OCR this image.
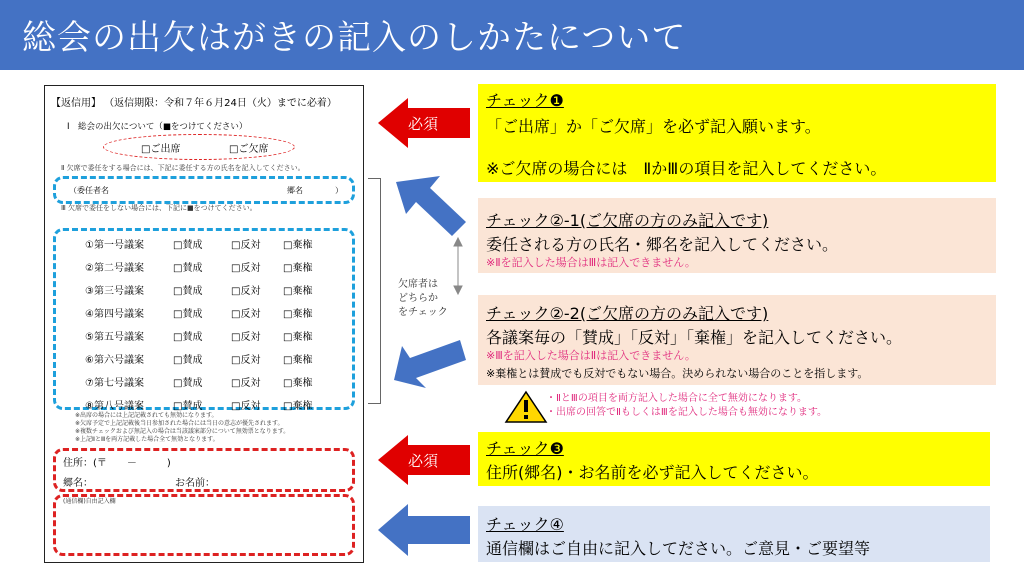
総会の出欠はがきの記入のしかたについて
【返信用】 （返信期限：令和７年６月24日（火）までに必着）
Ⅰ　総会の出欠について（■をつけてください）
□ご出席	□ご欠席
Ⅱ 欠席で委任をする場合には、下記に委任する方の氏名を記入してください。
（委任者名	郷名　　　　）
Ⅲ 欠席で委任をしない場合には、下記に■をつけてください。
①第一号議案	□賛成	□反対 □棄権
②第二号議案	□賛成	□反対 □棄権
③第三号議案	□賛成	□反対 □棄権
④第四号議案	□賛成	□反対 □棄権
⑤第五号議案	□賛成	□反対 □棄権
⑥第六号議案	□賛成	□反対 □棄権
⑦第七号議案	□賛成	□反対 □棄権
⑧第八号議案	□賛成	□反対 □棄権
※出席の場合には上記記載されても無効になります。
※欠席予定で上記記載後当日参加された場合には当日の意志が優先されます。
※複数チェックおよび無記入の場合は当該議案部分について無効票となります。
※上記ⅡとⅢを両方記載した場合全て無効となります。
住所：(〒　　－　　　)
郷名：	お名前：
(通信欄)自由記入欄
欠席者は
どちらか
をチェック
必須
必須
チェック❶
「ご出席」か「ご欠席」を必ず記入願います。
※ご欠席の場合には　ⅡかⅢの項目を記入してください。
チェック②-1(ご欠席の方のみ記入です)
委任される方の氏名・郷名を記入してください。
※Ⅱを記入した場合はⅢは記入できません。
チェック②-2(ご欠席の方のみ記入です)
各議案毎の「賛成」「反対」「棄権」を記入してください。
※Ⅲを記入した場合はⅡは記入できません。
※棄権とは賛成でも反対でもない場合。決められない場合のことを指します。
・ⅡとⅢの項目を両方記入した場合に全て無効になります。
・出席の回答でⅡもしくはⅢを記入した場合も無効になります。
チェック❸
住所(郷名)・お名前を必ず記入してください。
チェック④
通信欄はご自由に記入してださい。ご意見・ご要望等
